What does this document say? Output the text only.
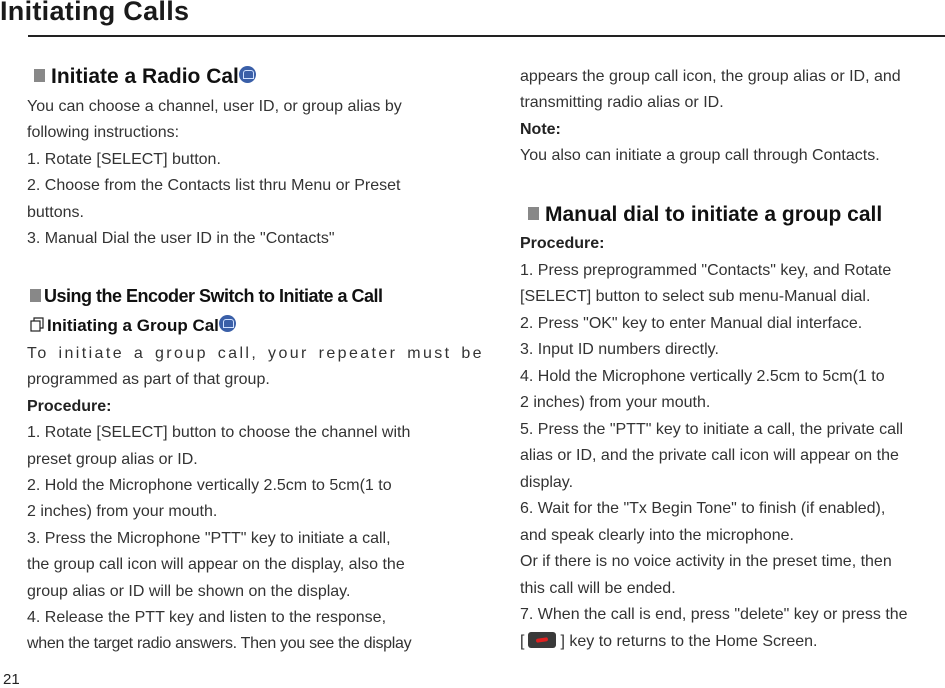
Initiating Calls
Initiate a Radio Cal
You can choose a channel, user ID, or group alias by
following instructions:
1. Rotate [SELECT] button.
2. Choose from the Contacts list thru Menu or Preset
buttons.
3. Manual Dial the user ID in the "Contacts"
Using the Encoder Switch to Initiate a Call
Initiating a Group Cal
To initiate a group call, your repeater must be
programmed as part of that group.
Procedure:
1. Rotate [SELECT] button to choose the channel with
preset group alias or ID.
2. Hold the Microphone vertically 2.5cm to 5cm(1 to
2 inches) from your mouth.
3. Press the Microphone "PTT" key to initiate a call,
the group call icon will appear on the display, also the
group alias or ID will be shown on the display.
4. Release the PTT key and listen to the response,
when the target radio answers. Then you see the display
appears the group call icon, the group alias or ID, and
transmitting radio alias or ID.
Note:
You also can initiate a group call through Contacts.
Manual dial to initiate a group call
Procedure:
1. Press preprogrammed "Contacts" key, and Rotate
[SELECT] button to select sub menu-Manual dial.
2. Press "OK" key to enter Manual dial interface.
3. Input ID numbers directly.
4. Hold the Microphone vertically 2.5cm to 5cm(1 to
2 inches) from your mouth.
5. Press the "PTT" key to initiate a call, the private call
alias or ID, and the private call icon will appear on the
display.
6. Wait for the "Tx Begin Tone" to finish (if enabled),
and speak clearly into the microphone.
Or if there is no voice activity in the preset time, then
this call will be ended.
7. When the call is end, press "delete" key or press the
[ ] key to returns to the Home Screen.
21
